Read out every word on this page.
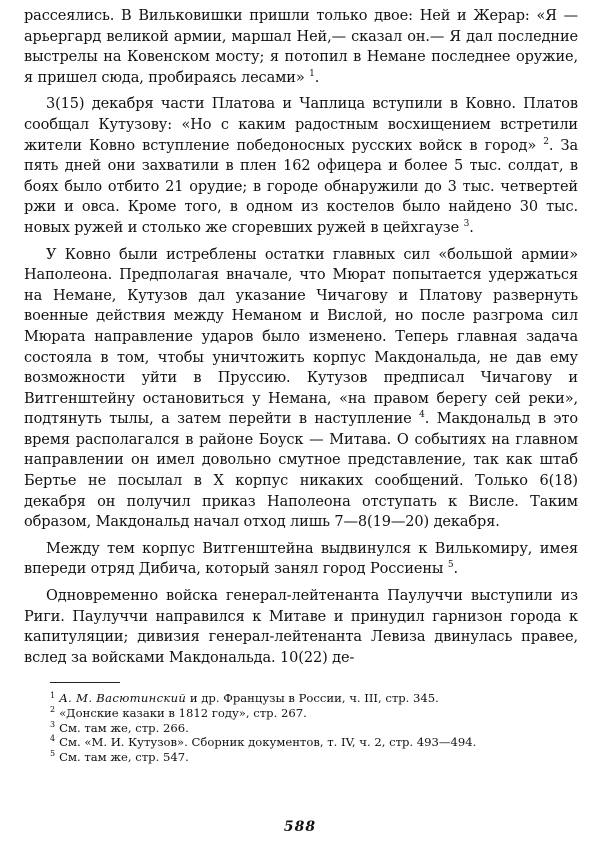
рассеялись. В Вильковишки пришли только двое: Ней и Жерар: «Я — арьергард великой армии, маршал Ней,— сказал он.— Я дал последние выстрелы на Ковенском мосту; я потопил в Немане последнее оружие, я пришел сюда, пробираясь лесами» $^1$.

3(15) декабря части Платова и Чаплица вступили в Ковно. Платов сообщал Кутузову: «Но с каким радостным восхищением встретили жители Ковно вступление победоносных русских войск в город» $^2$. За пять дней они захватили в плен 162 офицера и более 5 тыс. солдат, в боях было отбито 21 орудие; в городе обнаружили до 3 тыс. четвертей ржи и овса. Кроме того, в одном из костелов было найдено 30 тыс. новых ружей и столько же сгоревших ружей в цейхгаузе $^3$.

У Ковно были истреблены остатки главных сил «большой армии» Наполеона. Предполагая вначале, что Мюрат попытается удержаться на Немане, Кутузов дал указание Чичагову и Платову развернуть военные действия между Неманом и Вислой, но после разгрома сил Мюрата направление ударов было изменено. Теперь главная задача состояла в том, чтобы уничтожить корпус Макдональда, не дав ему возможности уйти в Пруссию. Кутузов предписал Чичагову и Витгенштейну остановиться у Немана, «на правом берегу сей реки», подтянуть тылы, а затем перейти в наступление $^4$. Макдональд в это время располагался в районе Боуск — Митава. О событиях на главном направлении он имел довольно смутное представление, так как штаб Бертье не посылал в X корпус никаких сообщений. Только 6(18) декабря он получил приказ Наполеона отступать к Висле. Таким образом, Макдональд начал отход лишь 7—8(19—20) декабря.

Между тем корпус Витгенштейна выдвинулся к Вилькомиру, имея впереди отряд Дибича, который занял город Россиены $^5$.

Одновременно войска генерал-лейтенанта Паулуччи выступили из Риги. Паулуччи направился к Митаве и принудил гарнизон города к капитуляции; дивизия генерал-лейтенанта Левиза двинулась правее, вслед за войсками Макдональда. 10(22) де-

$^1$ А. М. Васютинский и др. Французы в России, ч. III, стр. 345.

$^2$ «Донские казаки в 1812 году», стр. 267.

$^3$ См. там же, стр. 266.

$^4$ См. «М. И. Кутузов». Сборник документов, т. IV, ч. 2, стр. 493—494.

$^5$ См. там же, стр. 547.

588
